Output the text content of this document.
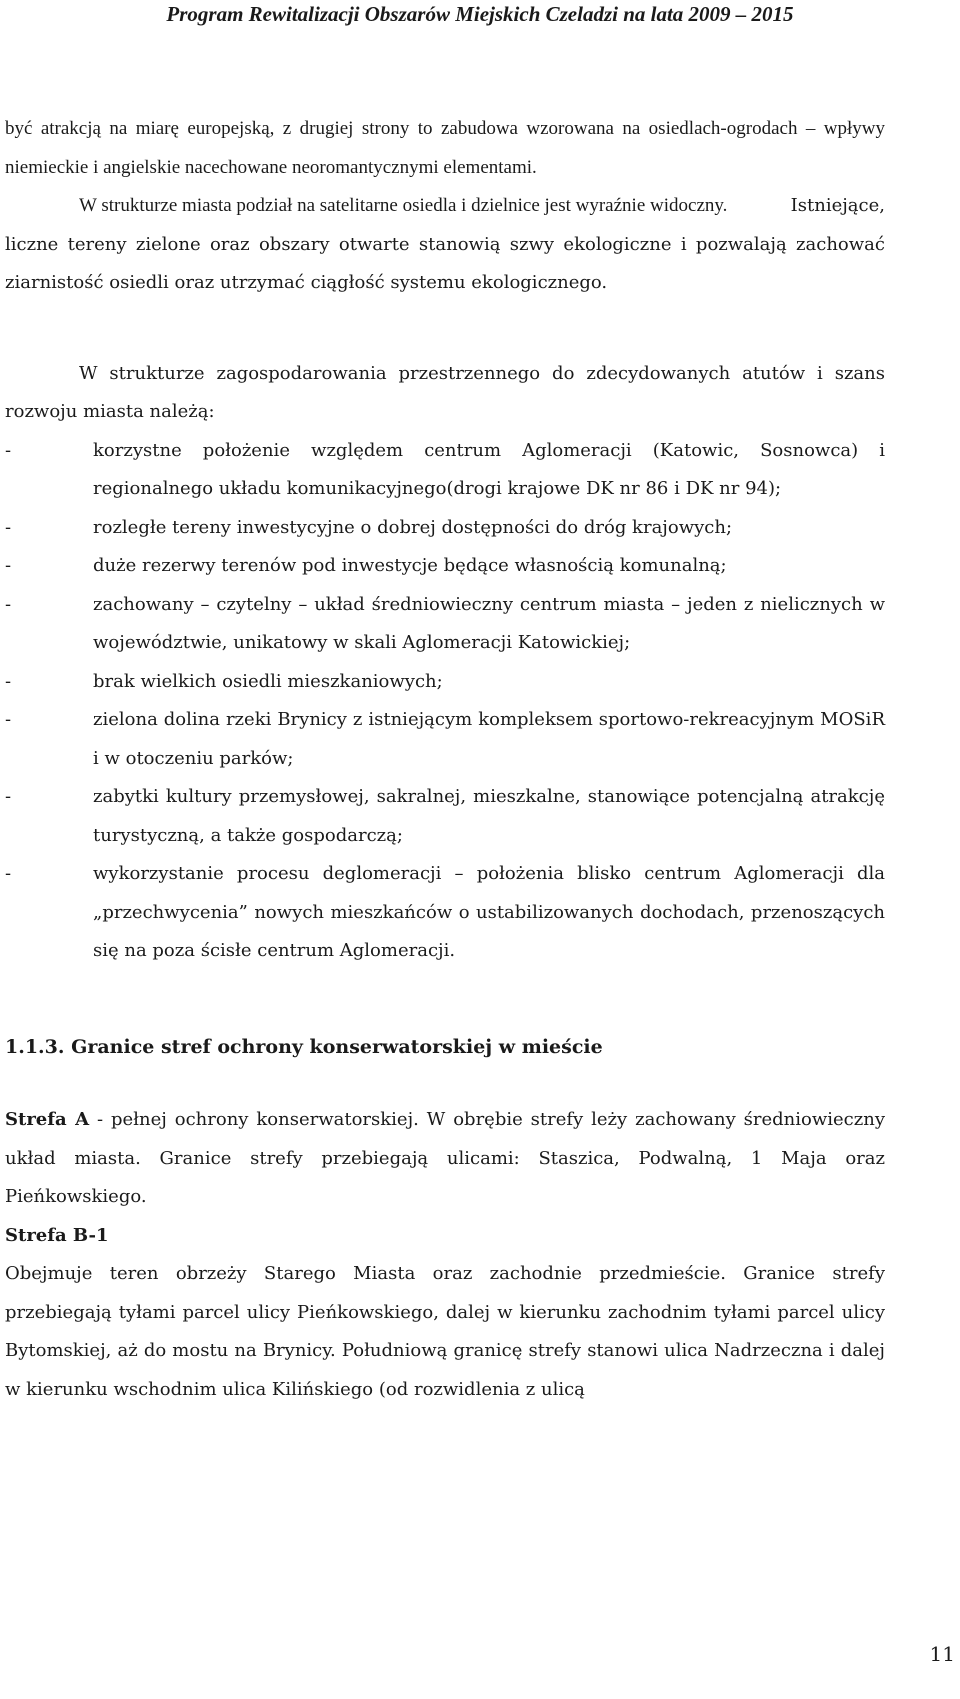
Program Rewitalizacji Obszarów Miejskich Czeladzi na lata 2009 – 2015

być atrakcją na miarę europejską, z drugiej strony to zabudowa wzorowana na osiedlach-ogrodach – wpływy niemieckie i angielskie nacechowane neoromantycznymi elementami.

W strukturze miasta podział na satelitarne osiedla i dzielnice jest wyraźnie widoczny. Istniejące, liczne tereny zielone oraz obszary otwarte stanowią szwy ekologiczne i pozwalają zachować ziarnistość osiedli oraz utrzymać ciągłość systemu ekologicznego.

W strukturze zagospodarowania przestrzennego do zdecydowanych atutów i szans rozwoju miasta należą:

-	korzystne położenie względem centrum Aglomeracji (Katowic, Sosnowca) i regionalnego układu komunikacyjnego(drogi krajowe DK nr 86 i DK nr 94);
-	rozległe tereny inwestycyjne o dobrej dostępności do dróg krajowych;
-	duże rezerwy terenów pod inwestycje będące własnością komunalną;
-	zachowany – czytelny – układ średniowieczny centrum miasta – jeden z nielicznych w województwie, unikatowy w skali Aglomeracji Katowickiej;
-	brak wielkich osiedli mieszkaniowych;
-	zielona dolina rzeki Brynicy z istniejącym kompleksem sportowo-rekreacyjnym MOSiR i w otoczeniu parków;
-	zabytki kultury przemysłowej, sakralnej, mieszkalne, stanowiące potencjalną atrakcję turystyczną, a także gospodarczą;
-	wykorzystanie procesu deglomeracji – położenia blisko centrum Aglomeracji dla „przechwycenia” nowych mieszkańców o ustabilizowanych dochodach, przenoszących się na poza ścisłe centrum Aglomeracji.

1.1.3. Granice stref ochrony konserwatorskiej w mieście

Strefa A - pełnej ochrony konserwatorskiej. W obrębie strefy leży zachowany średniowieczny układ miasta. Granice strefy przebiegają ulicami: Staszica, Podwalną, 1 Maja oraz Pieńkowskiego.

Strefa B-1

Obejmuje teren obrzeży Starego Miasta oraz zachodnie przedmieście. Granice strefy przebiegają tyłami parcel ulicy Pieńkowskiego, dalej w kierunku zachodnim tyłami parcel ulicy Bytomskiej, aż do mostu na Brynicy. Południową granicę strefy stanowi ulica Nadrzeczna i dalej w kierunku wschodnim ulica Kilińskiego (od rozwidlenia z ulicą

11
